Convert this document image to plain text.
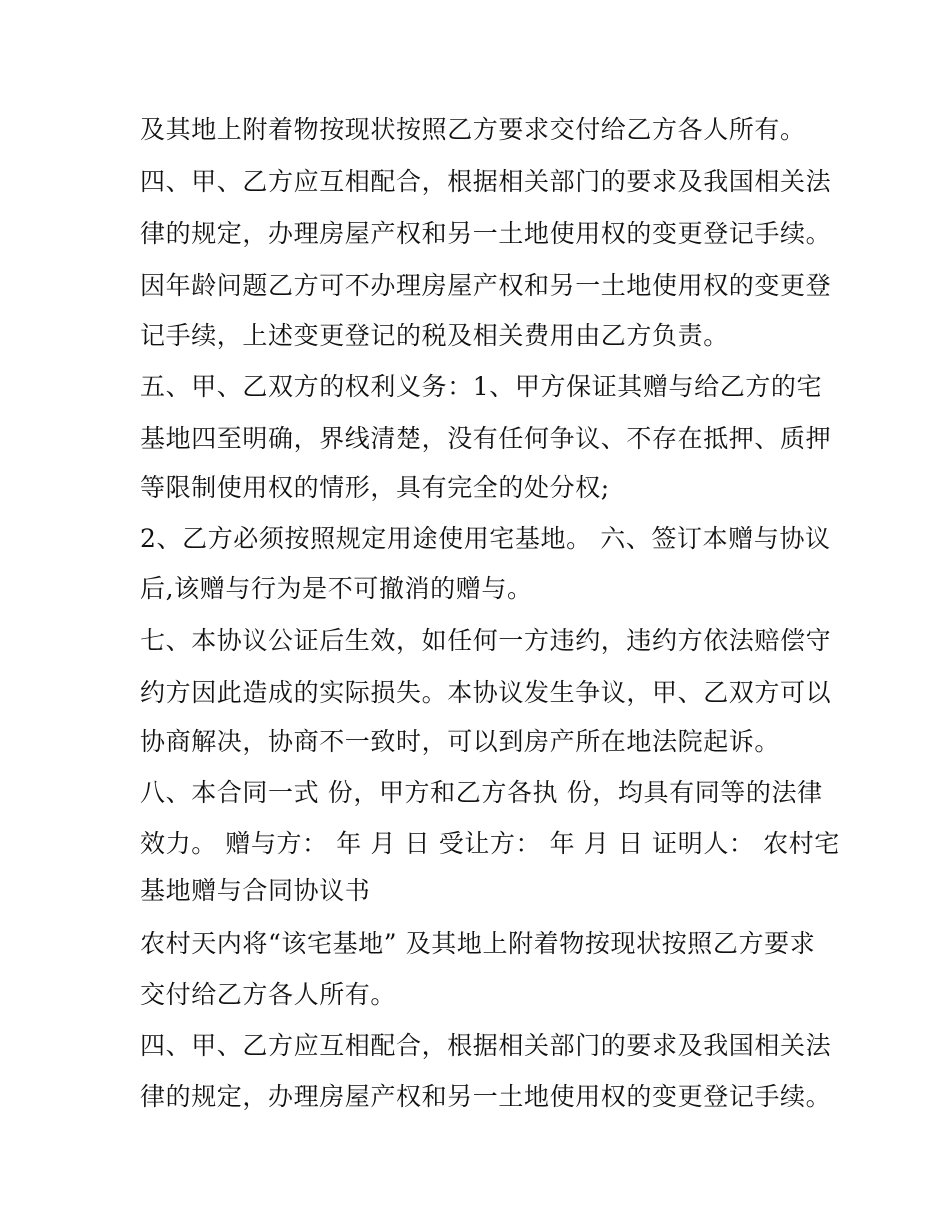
及其地上附着物按现状按照乙方要求交付给乙方各人所有。
四、甲、乙方应互相配合，根据相关部门的要求及我国相关法
律的规定，办理房屋产权和另一土地使用权的变更登记手续。
因年龄问题乙方可不办理房屋产权和另一土地使用权的变更登
记手续，上述变更登记的税及相关费用由乙方负责。
五、甲、乙双方的权利义务：1、甲方保证其赠与给乙方的宅
基地四至明确，界线清楚，没有任何争议、不存在抵押、质押
等限制使用权的情形，具有完全的处分权;
2、乙方必须按照规定用途使用宅基地。 六、签订本赠与协议
后,该赠与行为是不可撤消的赠与。
七、本协议公证后生效，如任何一方违约，违约方依法赔偿守
约方因此造成的实际损失。本协议发生争议，甲、乙双方可以
协商解决，协商不一致时，可以到房产所在地法院起诉。
八、本合同一式 份，甲方和乙方各执 份，均具有同等的法律
效力。 赠与方： 年 月 日 受让方： 年 月 日 证明人： 农村宅
基地赠与合同协议书
农村天内将“该宅基地” 及其地上附着物按现状按照乙方要求
交付给乙方各人所有。
四、甲、乙方应互相配合，根据相关部门的要求及我国相关法
律的规定，办理房屋产权和另一土地使用权的变更登记手续。
